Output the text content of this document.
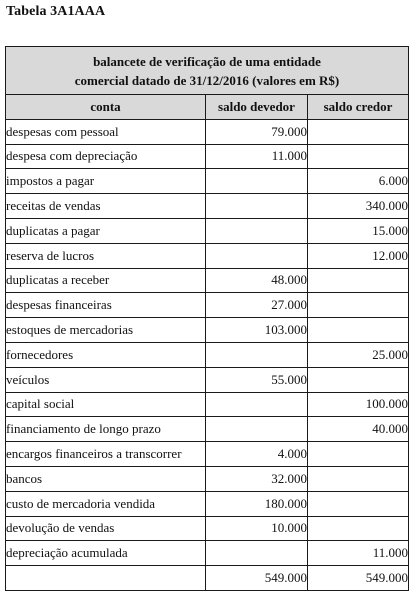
Tabela 3A1AAA
balancete de verificação de uma entidade
comercial datado de 31/12/2016 (valores em R$)		

conta	saldo devedor	saldo credor
despesas com pessoal	79.000	
despesa com depreciação	11.000	
impostos a pagar		6.000
receitas de vendas		340.000
duplicatas a pagar		15.000
reserva de lucros		12.000
duplicatas a receber	48.000	
despesas financeiras	27.000	
estoques de mercadorias	103.000	
fornecedores		25.000
veículos	55.000	
capital social		100.000
financiamento de longo prazo		40.000
encargos financeiros a transcorrer	4.000	
bancos	32.000	
custo de mercadoria vendida	180.000	
devolução de vendas	10.000	
depreciação acumulada		11.000
	549.000	549.000
